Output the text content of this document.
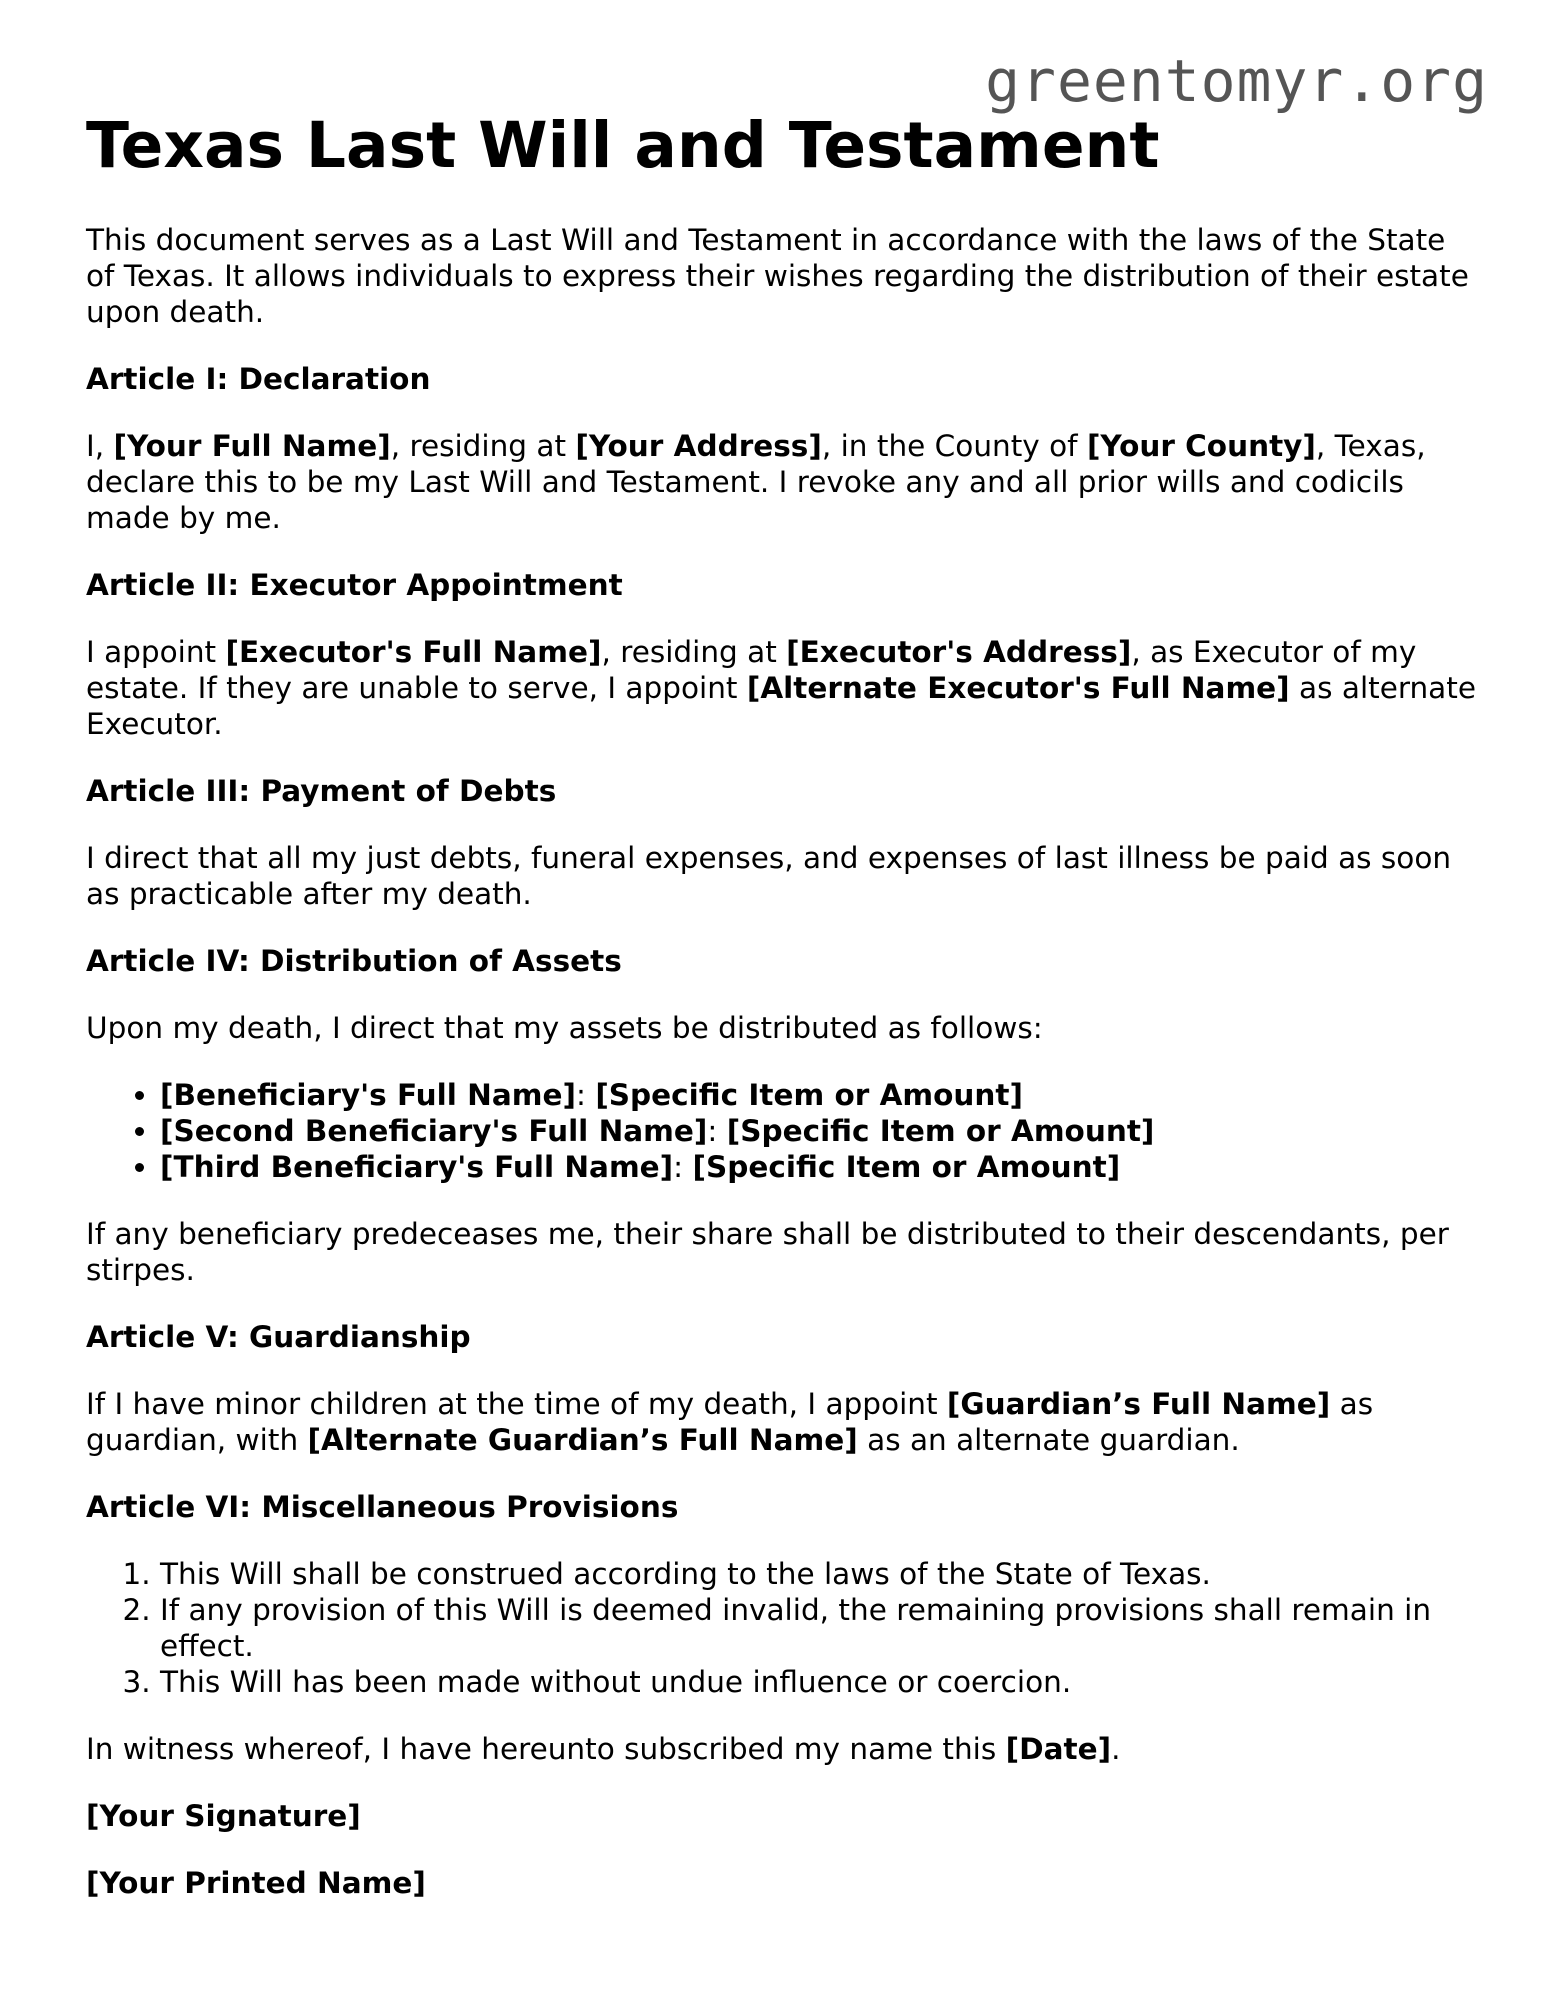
greentomyr.org
Texas Last Will and Testament

This document serves as a Last Will and Testament in accordance with the laws of the State of Texas. It allows individuals to express their wishes regarding the distribution of their estate upon death.

Article I: Declaration

I, [Your Full Name], residing at [Your Address], in the County of [Your County], Texas, declare this to be my Last Will and Testament. I revoke any and all prior wills and codicils made by me.

Article II: Executor Appointment

I appoint [Executor's Full Name], residing at [Executor's Address], as Executor of my estate. If they are unable to serve, I appoint [Alternate Executor's Full Name] as alternate Executor.

Article III: Payment of Debts

I direct that all my just debts, funeral expenses, and expenses of last illness be paid as soon as practicable after my death.

Article IV: Distribution of Assets

Upon my death, I direct that my assets be distributed as follows:

• [Beneficiary's Full Name]: [Specific Item or Amount]
• [Second Beneficiary's Full Name]: [Specific Item or Amount]
• [Third Beneficiary's Full Name]: [Specific Item or Amount]

If any beneficiary predeceases me, their share shall be distributed to their descendants, per stirpes.

Article V: Guardianship

If I have minor children at the time of my death, I appoint [Guardian’s Full Name] as guardian, with [Alternate Guardian’s Full Name] as an alternate guardian.

Article VI: Miscellaneous Provisions
1. This Will shall be construed according to the laws of the State of Texas.
2. If any provision of this Will is deemed invalid, the remaining provisions shall remain in effect.
3. This Will has been made without undue influence or coercion.

In witness whereof, I have hereunto subscribed my name this [Date].

[Your Signature]

[Your Printed Name]
